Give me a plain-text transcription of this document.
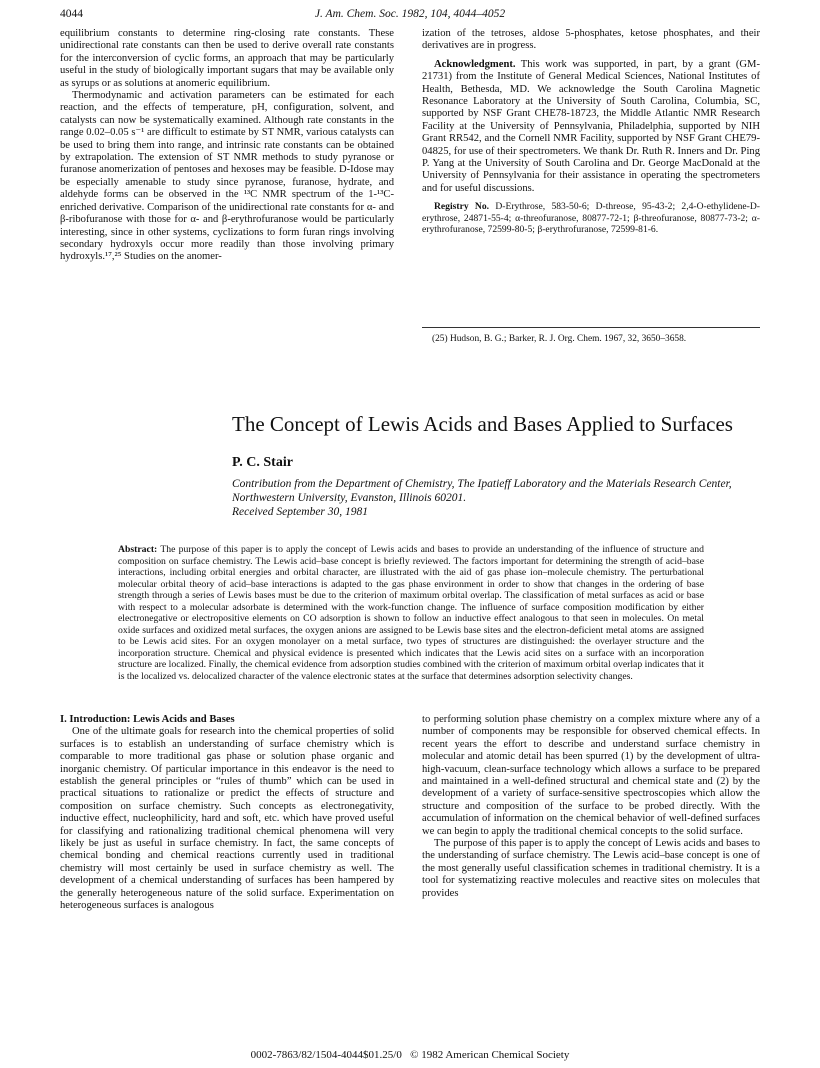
4044	J. Am. Chem. Soc. 1982, 104, 4044–4052

equilibrium constants to determine ring-closing rate constants. These unidirectional rate constants can then be used to derive overall rate constants for the interconversion of cyclic forms, an approach that may be particularly useful in the study of biologically important sugars that may be available only as syrups or as solutions at anomeric equilibrium.

Thermodynamic and activation parameters can be estimated for each reaction, and the effects of temperature, pH, configuration, solvent, and catalysts can now be systematically examined. Although rate constants in the range 0.02–0.05 s⁻¹ are difficult to estimate by ST NMR, various catalysts can be used to bring them into range, and intrinsic rate constants can be obtained by extrapolation. The extension of ST NMR methods to study pyranose or furanose anomerization of pentoses and hexoses may be feasible. D-Idose may be especially amenable to study since pyranose, furanose, hydrate, and aldehyde forms can be observed in the ¹³C NMR spectrum of the 1-¹³C-enriched derivative. Comparison of the unidirectional rate constants for α- and β-ribofuranose with those for α- and β-erythrofuranose would be particularly interesting, since in other systems, cyclizations to form furan rings involving secondary hydroxyls occur more readily than those involving primary hydroxyls.¹⁷,²⁵ Studies on the anomer-

ization of the tetroses, aldose 5-phosphates, ketose phosphates, and their derivatives are in progress.

Acknowledgment. This work was supported, in part, by a grant (GM-21731) from the Institute of General Medical Sciences, National Institutes of Health, Bethesda, MD. We acknowledge the South Carolina Magnetic Resonance Laboratory at the University of South Carolina, Columbia, SC, supported by NSF Grant CHE78-18723, the Middle Atlantic NMR Research Facility at the University of Pennsylvania, Philadelphia, supported by NIH Grant RR542, and the Cornell NMR Facility, supported by NSF Grant CHE79-04825, for use of their spectrometers. We thank Dr. Ruth R. Inners and Dr. Ping P. Yang at the University of South Carolina and Dr. George MacDonald at the University of Pennsylvania for their assistance in operating the spectrometers and for useful discussions.

Registry No. D-Erythrose, 583-50-6; D-threose, 95-43-2; 2,4-O-ethylidene-D-erythrose, 24871-55-4; α-threofuranose, 80877-72-1; β-threofuranose, 80877-73-2; α-erythrofuranose, 72599-80-5; β-erythrofuranose, 72599-81-6.

(25) Hudson, B. G.; Barker, R. J. Org. Chem. 1967, 32, 3650–3658.
The Concept of Lewis Acids and Bases Applied to Surfaces
P. C. Stair
Contribution from the Department of Chemistry, The Ipatieff Laboratory and the Materials Research Center, Northwestern University, Evanston, Illinois 60201.
Received September 30, 1981
Abstract: The purpose of this paper is to apply the concept of Lewis acids and bases to provide an understanding of the influence of structure and composition on surface chemistry. The Lewis acid–base concept is briefly reviewed. The factors important for determining the strength of acid–base interactions, including orbital energies and orbital character, are illustrated with the aid of gas phase ion–molecule chemistry. The perturbational molecular orbital theory of acid–base interactions is adapted to the gas phase environment in order to show that changes in the ordering of base strength through a series of Lewis bases must be due to the criterion of maximum orbital overlap. The classification of metal surfaces as acid or base with respect to a molecular adsorbate is determined with the work-function change. The influence of surface composition modification by either electronegative or electropositive elements on CO adsorption is shown to follow an inductive effect analogous to that seen in molecules. On metal oxide surfaces and oxidized metal surfaces, the oxygen anions are assigned to be Lewis base sites and the electron-deficient metal atoms are assigned to be Lewis acid sites. For an oxygen monolayer on a metal surface, two types of structures are distinguished: the overlayer structure and the incorporation structure. Chemical and physical evidence is presented which indicates that the Lewis acid sites on a surface with an incorporation structure are localized. Finally, the chemical evidence from adsorption studies combined with the criterion of maximum orbital overlap indicates that it is the localized vs. delocalized character of the valence electronic states at the surface that determines adsorption selectivity changes.

I. Introduction: Lewis Acids and Bases

One of the ultimate goals for research into the chemical properties of solid surfaces is to establish an understanding of surface chemistry which is comparable to more traditional gas phase or solution phase organic and inorganic chemistry. Of particular importance in this endeavor is the need to establish the general principles or “rules of thumb” which can be used in practical situations to rationalize or predict the effects of structure and composition on surface chemistry. Such concepts as electronegativity, inductive effect, nucleophilicity, hard and soft, etc. which have proved useful for classifying and rationalizing traditional chemical phenomena will very likely be just as useful in surface chemistry. In fact, the same concepts of chemical bonding and chemical reactions currently used in traditional chemistry will most certainly be used in surface chemistry as well. The development of a chemical understanding of surfaces has been hampered by the generally heterogeneous nature of the solid surface. Experimentation on heterogeneous surfaces is analogous

to performing solution phase chemistry on a complex mixture where any of a number of components may be responsible for observed chemical effects. In recent years the effort to describe and understand surface chemistry in molecular and atomic detail has been spurred (1) by the development of ultra-high-vacuum, clean-surface technology which allows a surface to be prepared and maintained in a well-defined structural and chemical state and (2) by the development of a variety of surface-sensitive spectroscopies which allow the structure and composition of the surface to be probed directly. With the accumulation of information on the chemical behavior of well-defined surfaces we can begin to apply the traditional chemical concepts to the solid surface.

The purpose of this paper is to apply the concept of Lewis acids and bases to the understanding of surface chemistry. The Lewis acid–base concept is one of the most generally useful classification schemes in traditional chemistry. It is a tool for systematizing reactive molecules and reactive sites on molecules that provides

0002-7863/82/1504-4044$01.25/0   © 1982 American Chemical Society
